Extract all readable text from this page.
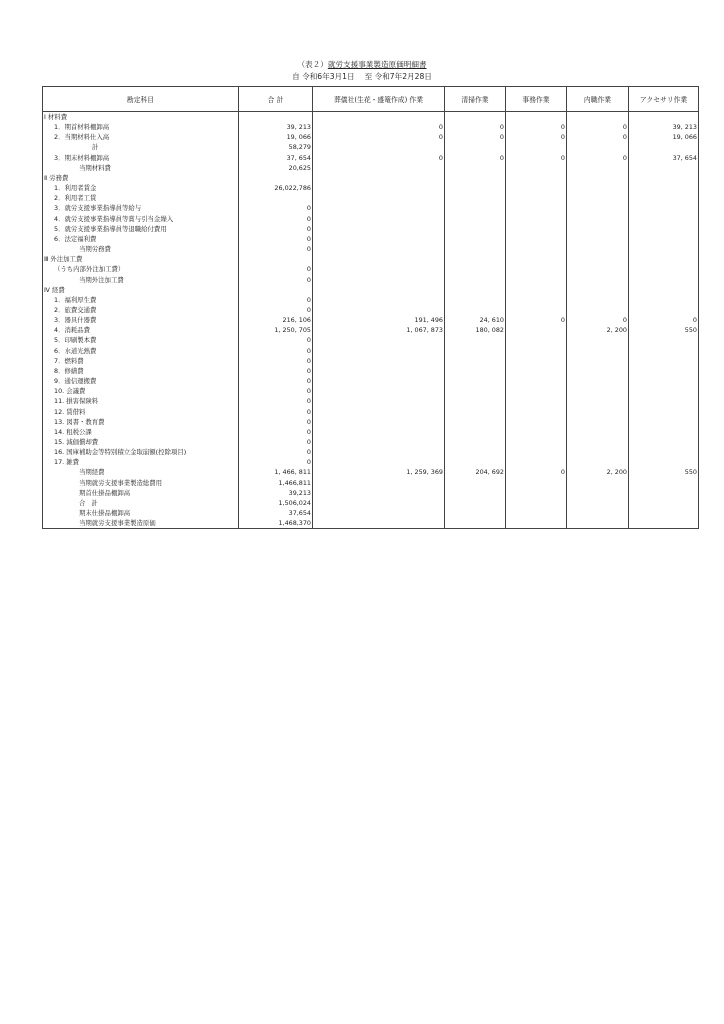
（表２）就労支援事業製造原価明細書
自 令和6年3月1日　 至 令和7年2月28日
勘定科目	合 計	葬儀社(生花・盛篭作成) 作業	清掃作業	事務作業	内職作業	アクセサリ作業
Ⅰ 材料費						
1．期首材料棚卸高	39, 213	0	0	0	0	39, 213
2．当期材料仕入高	19, 066	0	0	0	0	19, 066
計	58,279					
3．期末材料棚卸高	37, 654	0	0	0	0	37, 654
当期材料費	20,625					
Ⅱ 労務費						
1．利用者賃金	26,022,786					
2．利用者工賃						
3．就労支援事業指導員等給与	0					
4．就労支援事業指導員等賞与引当金繰入	0					
5．就労支援事業指導員等退職給付費用	0					
6．法定福利費	0					
当期労務費	0					
Ⅲ 外注加工費						
（うち内部外注加工費）	0					
当期外注加工費	0					
Ⅳ 経費						
1．福利厚生費	0					
2．旅費交通費	0					
3．器具什器費	216, 106	191, 496	24, 610	0	0	0
4．消耗品費	1, 250, 705	1, 067, 873	180, 082		2, 200	550
5．印刷製本費	0					
6．水道光熱費	0					
7．燃料費	0					
8．修繕費	0					
9．通信運搬費	0					
10. 会議費	0					
11. 損害保険料	0					
12. 賃借料	0					
13. 図書・教育費	0					
14. 租税公課	0					
15. 減価償却費	0					
16. 国庫補助金等特別積立金取崩額(控除項目)	0					
17. 雑費	0					
当期経費	1, 466, 811	1, 259, 369	204, 692	0	2, 200	550
当期就労支援事業製造総費用	1,466,811					
期首仕掛品棚卸高	39,213					
合計	1,506,024					
期末仕掛品棚卸高	37,654					
当期就労支援事業製造原価	1,468,370					
